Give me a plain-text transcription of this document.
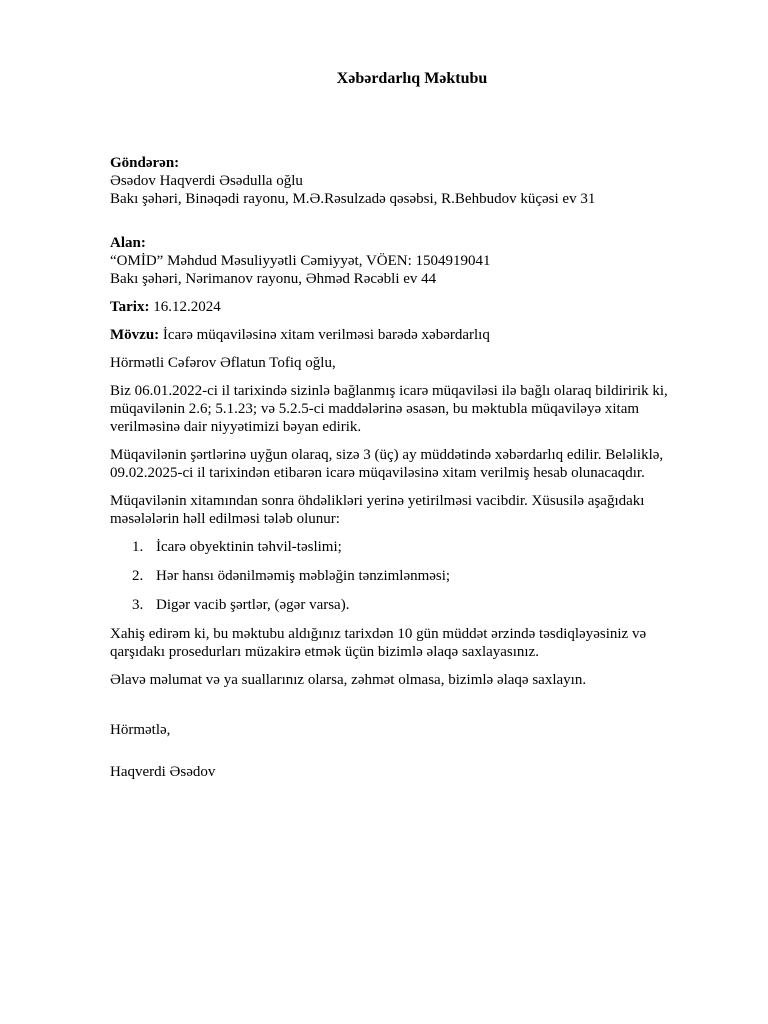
Xəbərdarlıq Məktubu
Göndərən:
Əsədov Haqverdi Əsədulla oğlu
Bakı şəhəri, Binəqədi rayonu, M.Ə.Rəsulzadə qəsəbsi, R.Behbudov küçəsi ev 31
Alan:
“OMİD” Məhdud Məsuliyyətli Cəmiyyət, VÖEN: 1504919041
Bakı şəhəri, Nərimanov rayonu, Əhməd Rəcəbli ev 44
Tarix: 16.12.2024
Mövzu: İcarə müqaviləsinə xitam verilməsi barədə xəbərdarlıq
Hörmətli Cəfərov Əflatun Tofiq oğlu,
Biz 06.01.2022-ci il tarixində sizinlə bağlanmış icarə müqaviləsi ilə bağlı olaraq bildiririk ki, müqavilənin 2.6; 5.1.23; və 5.2.5-ci maddələrinə əsasən, bu məktubla müqaviləyə xitam verilməsinə dair niyyətimizi bəyan edirik.
Müqavilənin şərtlərinə uyğun olaraq, sizə 3 (üç) ay müddətində xəbərdarlıq edilir. Beləliklə, 09.02.2025-ci il tarixindən etibarən icarə müqaviləsinə xitam verilmiş hesab olunacaqdır.
Müqavilənin xitamından sonra öhdəlikləri yerinə yetirilməsi vacibdir. Xüsusilə aşağıdakı məsələlərin həll edilməsi tələb olunur:
1. İcarə obyektinin təhvil-təslimi;
2. Hər hansı ödənilməmiş məbləğin tənzimlənməsi;
3. Digər vacib şərtlər, (əgər varsa).
Xahiş edirəm ki, bu məktubu aldığınız tarixdən 10 gün müddət ərzində təsdiqləyəsiniz və qarşıdakı prosedurları müzakirə etmək üçün bizimlə əlaqə saxlayasınız.
Əlavə məlumat və ya suallarınız olarsa, zəhmət olmasa, bizimlə əlaqə saxlayın.
Hörmətlə,
Haqverdi Əsədov
